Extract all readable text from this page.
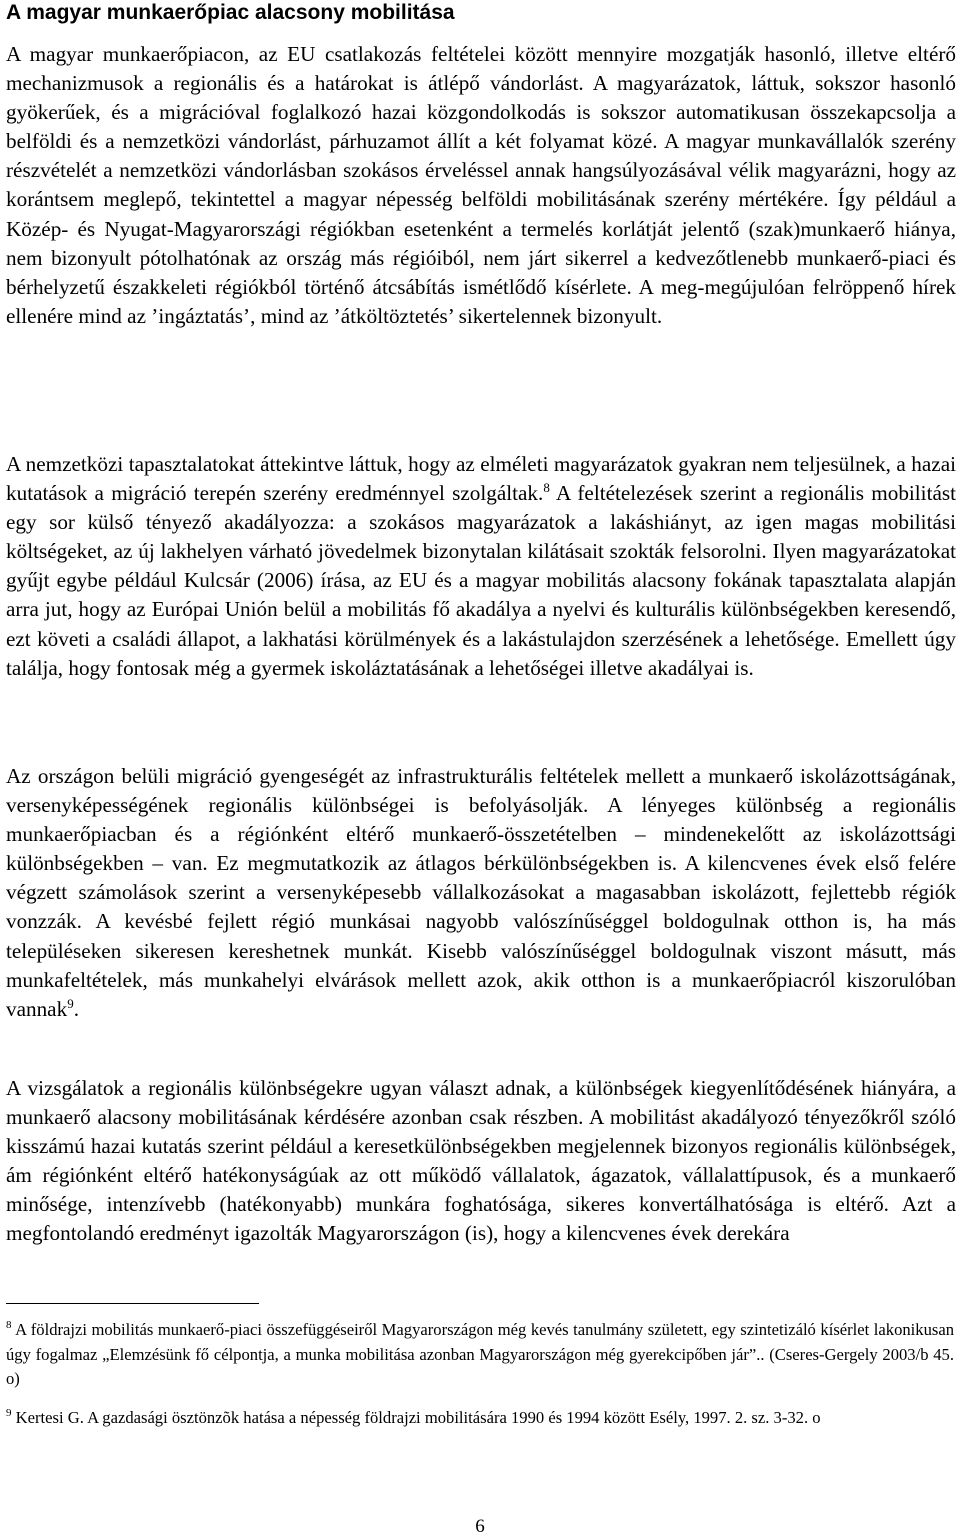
A magyar munkaerőpiac alacsony mobilitása

A magyar munkaerőpiacon, az EU csatlakozás feltételei között mennyire mozgatják hasonló, illetve eltérő mechanizmusok a regionális és a határokat is átlépő vándorlást. A magyarázatok, láttuk, sokszor hasonló gyökerűek, és a migrációval foglalkozó hazai közgondolkodás is sokszor automatikusan összekapcsolja a belföldi és a nemzetközi vándorlást, párhuzamot állít a két folyamat közé. A magyar munkavállalók szerény részvételét a nemzetközi vándorlásban szokásos érveléssel annak hangsúlyozásával vélik magyarázni, hogy az korántsem meglepő, tekintettel a magyar népesség belföldi mobilitásának szerény mértékére. Így például a Közép- és Nyugat-Magyarországi régiókban esetenként a termelés korlátját jelentő (szak)munkaerő hiánya, nem bizonyult pótolhatónak az ország más régióiból, nem járt sikerrel a kedvezőtlenebb munkaerő-piaci és bérhelyzetű északkeleti régiókból történő átcsábítás ismétlődő kísérlete. A meg-megújulóan felröppenő hírek ellenére mind az ’ingáztatás’, mind az ’átköltöztetés’ sikertelennek bizonyult.

A nemzetközi tapasztalatokat áttekintve láttuk, hogy az elméleti magyarázatok gyakran nem teljesülnek, a hazai kutatások a migráció terepén szerény eredménnyel szolgáltak.$^8$ A feltételezések szerint a regionális mobilitást egy sor külső tényező akadályozza: a szokásos magyarázatok a lakáshiányt, az igen magas mobilitási költségeket, az új lakhelyen várható jövedelmek bizonytalan kilátásait szokták felsorolni. Ilyen magyarázatokat gyűjt egybe például Kulcsár (2006) írása, az EU és a magyar mobilitás alacsony fokának tapasztalata alapján arra jut, hogy az Európai Unión belül a mobilitás fő akadálya a nyelvi és kulturális különbségekben keresendő, ezt követi a családi állapot, a lakhatási körülmények és a lakástulajdon szerzésének a lehetősége. Emellett úgy találja, hogy fontosak még a gyermek iskoláztatásának a lehetőségei illetve akadályai is.

Az országon belüli migráció gyengeségét az infrastrukturális feltételek mellett a munkaerő iskolázottságának, versenyképességének regionális különbségei is befolyásolják. A lényeges különbség a regionális munkaerőpiacban és a régiónként eltérő munkaerő-összetételben – mindenekelőtt az iskolázottsági különbségekben – van. Ez megmutatkozik az átlagos bérkülönbségekben is. A kilencvenes évek első felére végzett számolások szerint a versenyképesebb vállalkozásokat a magasabban iskolázott, fejlettebb régiók vonzzák. A kevésbé fejlett régió munkásai nagyobb valószínűséggel boldogulnak otthon is, ha más településeken sikeresen kereshetnek munkát. Kisebb valószínűséggel boldogulnak viszont másutt, más munkafeltételek, más munkahelyi elvárások mellett azok, akik otthon is a munkaerőpiacról kiszorulóban vannak$^9$.

A vizsgálatok a regionális különbségekre ugyan választ adnak, a különbségek kiegyenlítődésének hiányára, a munkaerő alacsony mobilitásának kérdésére azonban csak részben. A mobilitást akadályozó tényezőkről szóló kisszámú hazai kutatás szerint például a keresetkülönbségekben megjelennek bizonyos regionális különbségek, ám régiónként eltérő hatékonyságúak az ott működő vállalatok, ágazatok, vállalattípusok, és a munkaerő minősége, intenzívebb (hatékonyabb) munkára foghatósága, sikeres konvertálhatósága is eltérő. Azt a megfontolandó eredményt igazolták Magyarországon (is), hogy a kilencvenes évek derekára

$^8$ A földrajzi mobilitás munkaerő-piaci összefüggéseiről Magyarországon még kevés tanulmány született, egy szintetizáló kísérlet lakonikusan úgy fogalmaz „Elemzésünk fő célpontja, a munka mobilitása azonban Magyarországon még gyerekcipőben jár”.. (Cseres-Gergely 2003/b 45. o)

$^9$ Kertesi G. A gazdasági ösztönzõk hatása a népesség földrajzi mobilitására 1990 és 1994 között Esély, 1997. 2. sz. 3-32. o

6
